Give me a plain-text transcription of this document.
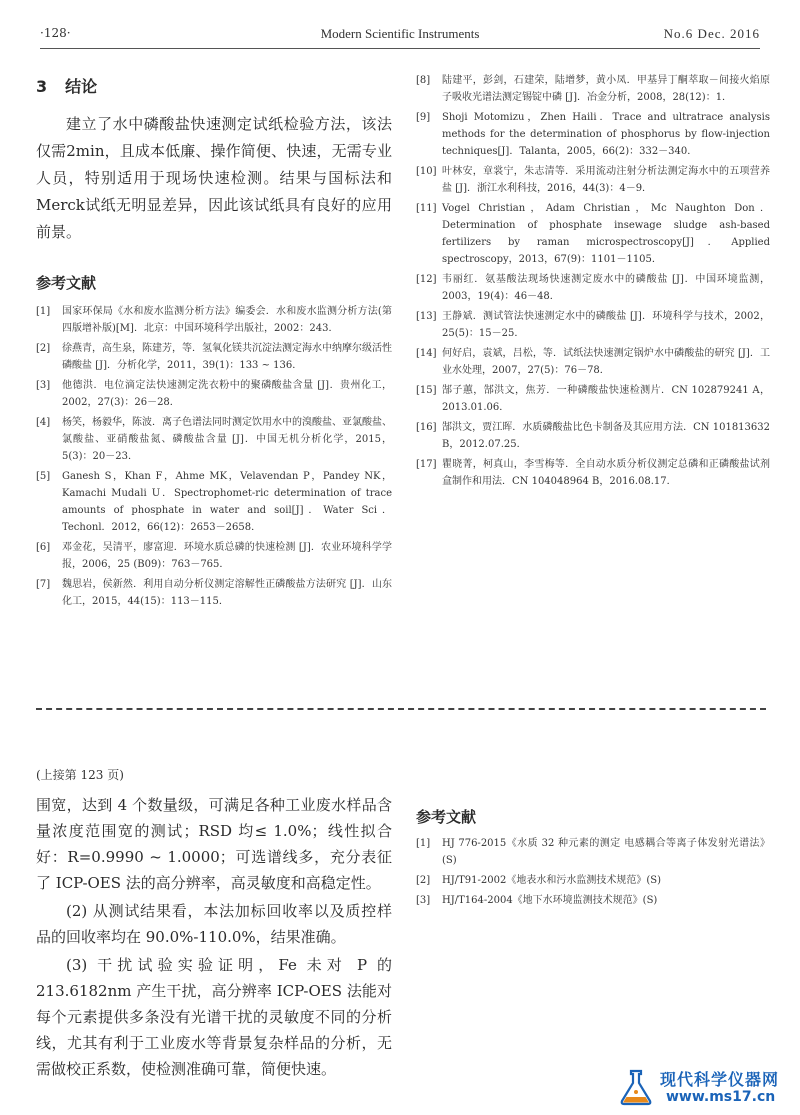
·128·	Modern Scientific Instruments	No.6 Dec. 2016
3 结论

建立了水中磷酸盐快速测定试纸检验方法，该法仅需2min，且成本低廉、操作简便、快速，无需专业人员，特别适用于现场快速检测。结果与国标法和Merck试纸无明显差异，因此该试纸具有良好的应用前景。

参考文献
[1]	国家环保局《水和废水监测分析方法》编委会．水和废水监测分析方法(第四版增补版)[M]．北京：中国环境科学出版社，2002：243．
[2]	徐燕青，高生泉，陈建芳，等．氢氧化镁共沉淀法测定海水中纳摩尔级活性磷酸盐 [J]．分析化学，2011，39(1)：133 ~ 136．
[3]	他德洪．电位滴定法快速测定洗衣粉中的聚磷酸盐含量 [J]．贵州化工，2002，27(3)：26－28．
[4]	杨笑，杨毅华，陈波．离子色谱法同时测定饮用水中的溴酸盐、亚氯酸盐、氯酸盐、亚硝酸盐氮、磷酸盐含量 [J]．中国无机分析化学，2015，5(3)：20－23．
[5]	Ganesh S，Khan F，Ahme MK，Velavendan P，Pandey NK，Kamachi Mudali U．Spectrophomet-ric determination of trace amounts of phosphate in water and soil[J]．Water Sci．Techonl．2012，66(12)：2653－2658．
[6]	邓金花，吴清平，廖富迎．环境水质总磷的快速检测 [J]．农业环境科学学报，2006，25 (B09)：763－765．
[7]	魏思岩，侯新然．利用自动分析仪测定溶解性正磷酸盐方法研究 [J]．山东化工，2015，44(15)：113－115．
[8]	陆建平，彭剑，石建荣，陆增梦，黄小凤．甲基异丁酮萃取－间接火焰原子吸收光谱法测定锡锭中磷 [J]．冶金分析，2008，28(12)：1．
[9]	Shoji Motomizu，Zhen Haili．Trace and ultratrace analysis methods for the determination of phosphorus by flow-injection techniques[J]．Talanta，2005，66(2)：332－340．
[10] 叶林安，章裳宁，朱志清等．采用流动注射分析法测定海水中的五项营养盐 [J]．浙江水利科技，2016，44(3)：4－9．
[11] Vogel Christian，Adam Christian，Mc Naughton Don．Determination of phosphate insewage sludge ash-based fertilizers by raman microspectroscopy[J]．Applied spectroscopy，2013，67(9)：1101－1105．
[12] 韦丽红．氨基酸法现场快速测定废水中的磷酸盐 [J]．中国环境监测，2003，19(4)：46－48．
[13] 王静斌．测试管法快速测定水中的磷酸盐 [J]．环境科学与技术，2002，25(5)：15－25．
[14] 何好启，袁斌，吕松，等．试纸法快速测定锅炉水中磷酸盐的研究 [J]．工业水处理，2007，27(5)：76－78．
[15] 郜子蕙，郜洪文，焦芳．一种磷酸盐快速检测片．CN 102879241 A，2013.01.06．
[16] 郜洪文，贾江晖．水质磷酸盐比色卡制备及其应用方法．CN 101813632 B，2012.07.25．
[17] 瞿晓菁，柯真山，李雪梅等．全自动水质分析仪测定总磷和正磷酸盐试剂盒制作和用法．CN 104048964 B，2016.08.17．
(上接第 123 页)

围宽，达到 4 个数量级，可满足各种工业废水样品含量浓度范围宽的测试；RSD 均≤ 1.0%；线性拟合好：R=0.9990 ~ 1.0000；可选谱线多，充分表征了 ICP-OES 法的高分辨率，高灵敏度和高稳定性。

(2) 从测试结果看，本法加标回收率以及质控样品的回收率均在 90.0%-110.0%，结果准确。

(3) 干扰试验实验证明，Fe 未对 P 的 213.6182nm 产生干扰，高分辨率 ICP-OES 法能对每个元素提供多条没有光谱干扰的灵敏度不同的分析线，尤其有利于工业废水等背景复杂样品的分析，无需做校正系数，使检测准确可靠，简便快速。

参考文献
[1]	HJ 776-2015《水质 32 种元素的测定 电感耦合等离子体发射光谱法》(S)
[2]	HJ/T91-2002《地表水和污水监测技术规范》(S)
[3]	HJ/T164-2004《地下水环境监测技术规范》(S)
现代科学仪器网
www.ms17.cn
